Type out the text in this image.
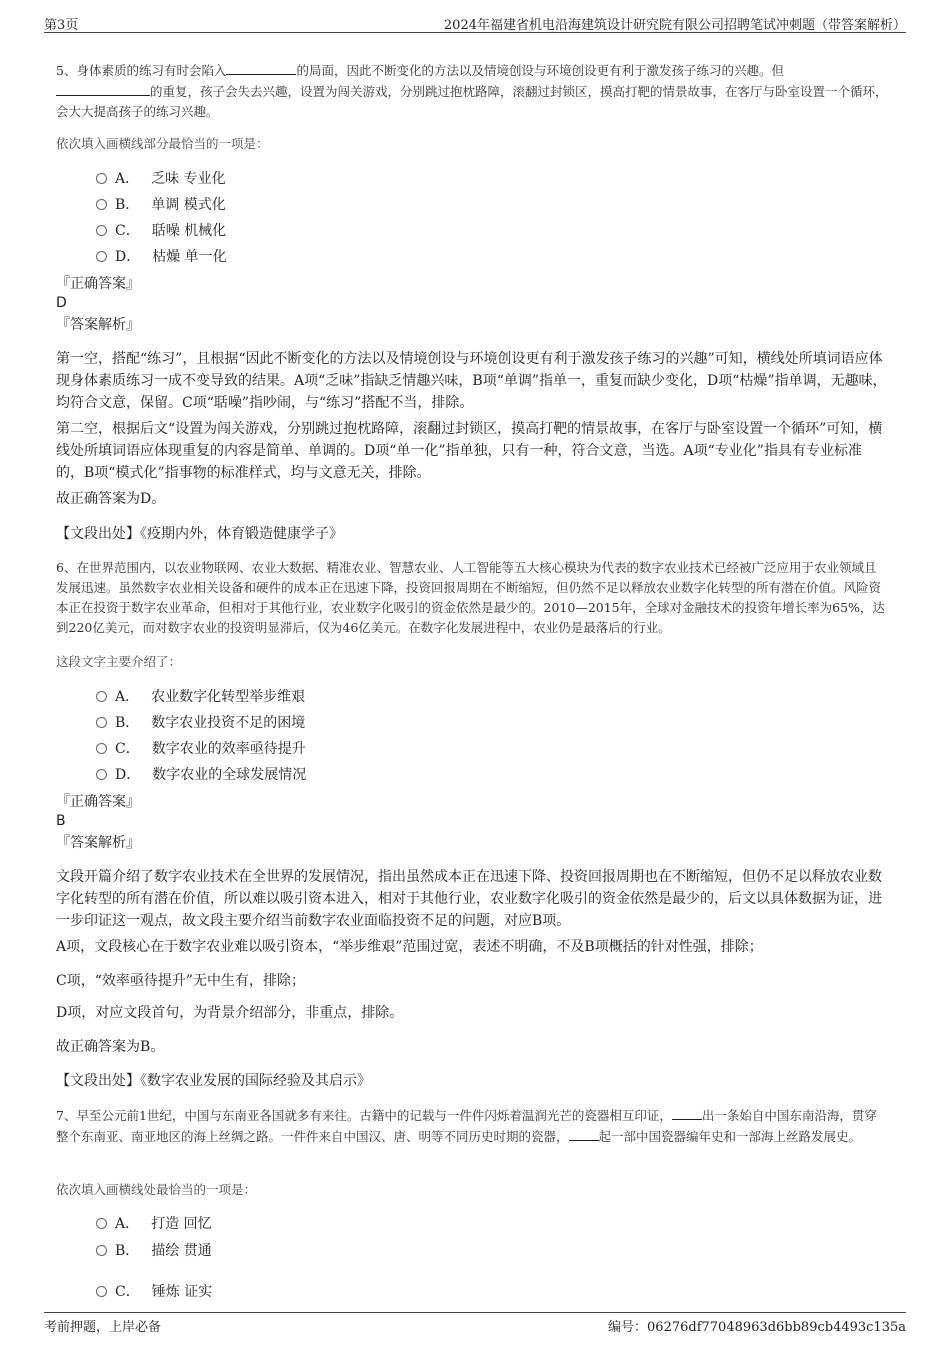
第3页	2024年福建省机电沿海建筑设计研究院有限公司招聘笔试冲刺题（带答案解析）
5、身体素质的练习有时会陷入	的局面，因此不断变化的方法以及情境创设与环境创设更有利于激发孩子练习的兴趣。但
的重复，孩子会失去兴趣，设置为闯关游戏，分别跳过抱枕路障，滚翻过封锁区，摸高打靶的情景故事，在客厅与卧室设置一个循环，会大大提高孩子的练习兴趣。
依次填入画横线部分最恰当的一项是：
A． 乏味 专业化
B． 单调 模式化
C． 聒噪 机械化
D． 枯燥 单一化
『正确答案』
D
『答案解析』
第一空，搭配“练习”，且根据“因此不断变化的方法以及情境创设与环境创设更有利于激发孩子练习的兴趣”可知，横线处所填词语应体现身体素质练习一成不变导致的结果。A项“乏味”指缺乏情趣兴味，B项“单调”指单一，重复而缺少变化，D项“枯燥”指单调，无趣味，均符合文意，保留。C项“聒噪”指吵闹，与“练习”搭配不当，排除。
第二空，根据后文“设置为闯关游戏，分别跳过抱枕路障，滚翻过封锁区，摸高打靶的情景故事，在客厅与卧室设置一个循环”可知，横线处所填词语应体现重复的内容是简单、单调的。D项“单一化”指单独，只有一种，符合文意，当选。A项“专业化”指具有专业标准的，B项“模式化”指事物的标准样式，均与文意无关，排除。
故正确答案为D。
【文段出处】《疫期内外，体育锻造健康学子》
6、在世界范围内，以农业物联网、农业大数据、精准农业、智慧农业、人工智能等五大核心模块为代表的数字农业技术已经被广泛应用于农业领域且发展迅速。虽然数字农业相关设备和硬件的成本正在迅速下降，投资回报周期在不断缩短，但仍然不足以释放农业数字化转型的所有潜在价值。风险资本正在投资于数字农业革命，但相对于其他行业，农业数字化吸引的资金依然是最少的。2010—2015年，全球对金融技术的投资年增长率为65%，达到220亿美元，而对数字农业的投资明显滞后，仅为46亿美元。在数字化发展进程中，农业仍是最落后的行业。
这段文字主要介绍了：
A． 农业数字化转型举步维艰
B． 数字农业投资不足的困境
C． 数字农业的效率亟待提升
D． 数字农业的全球发展情况
『正确答案』
B
『答案解析』
文段开篇介绍了数字农业技术在全世界的发展情况，指出虽然成本正在迅速下降、投资回报周期也在不断缩短，但仍不足以释放农业数字化转型的所有潜在价值，所以难以吸引资本进入，相对于其他行业，农业数字化吸引的资金依然是最少的，后文以具体数据为证，进一步印证这一观点，故文段主要介绍当前数字农业面临投资不足的问题，对应B项。
A项，文段核心在于数字农业难以吸引资本，“举步维艰”范围过宽，表述不明确，不及B项概括的针对性强，排除；
C项，“效率亟待提升”无中生有，排除；
D项，对应文段首句，为背景介绍部分，非重点，排除。
故正确答案为B。
【文段出处】《数字农业发展的国际经验及其启示》
7、早至公元前1世纪，中国与东南亚各国就多有来往。古籍中的记载与一件件闪烁着温润光芒的瓷器相互印证， 出一条始自中国东南沿海，贯穿整个东南亚、南亚地区的海上丝绸之路。一件件来自中国汉、唐、明等不同历史时期的瓷器， 起一部中国瓷器编年史和一部海上丝路发展史。
依次填入画横线处最恰当的一项是：
A． 打造 回忆
B． 描绘 贯通
C． 锤炼 证实
考前押题，上岸必备	编号：06276df77048963d6bb89cb4493c135a
